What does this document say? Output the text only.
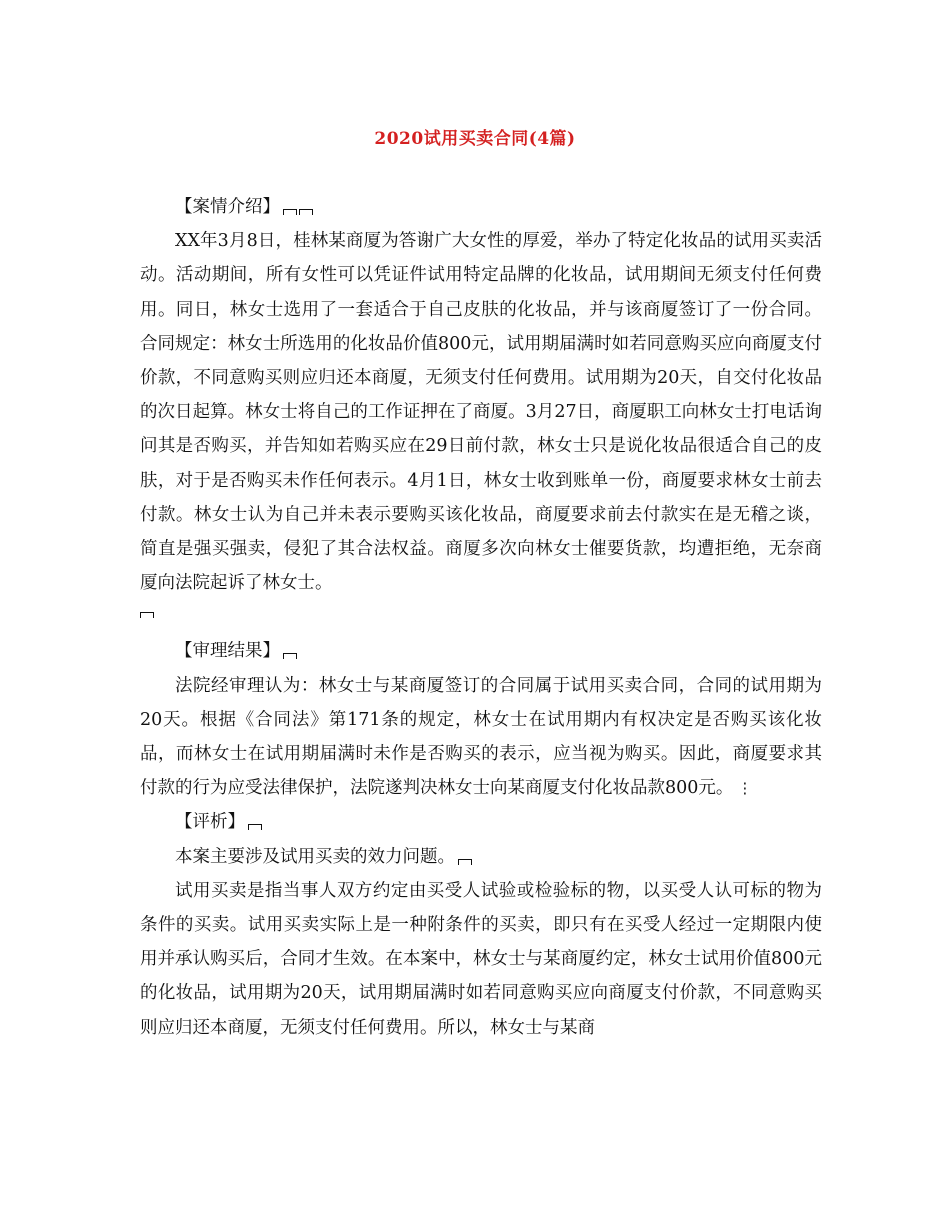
2020试用买卖合同(4篇)

【案情介绍】

XX年3月8日，桂林某商厦为答谢广大女性的厚爱，举办了特定化妆品的试用买卖活动。活动期间，所有女性可以凭证件试用特定品牌的化妆品，试用期间无须支付任何费用。同日，林女士选用了一套适合于自己皮肤的化妆品，并与该商厦签订了一份合同。合同规定：林女士所选用的化妆品价值800元，试用期届满时如若同意购买应向商厦支付价款，不同意购买则应归还本商厦，无须支付任何费用。试用期为20天，自交付化妆品的次日起算。林女士将自己的工作证押在了商厦。3月27日，商厦职工向林女士打电话询问其是否购买，并告知如若购买应在29日前付款，林女士只是说化妆品很适合自己的皮肤，对于是否购买未作任何表示。4月1日，林女士收到账单一份，商厦要求林女士前去付款。林女士认为自己并未表示要购买该化妆品，商厦要求前去付款实在是无稽之谈，简直是强买强卖，侵犯了其合法权益。商厦多次向林女士催要货款，均遭拒绝，无奈商厦向法院起诉了林女士。

【审理结果】

法院经审理认为：林女士与某商厦签订的合同属于试用买卖合同，合同的试用期为20天。根据《合同法》第171条的规定，林女士在试用期内有权决定是否购买该化妆品，而林女士在试用期届满时未作是否购买的表示，应当视为购买。因此，商厦要求其付款的行为应受法律保护，法院遂判决林女士向某商厦支付化妆品款800元。 ⋮

【评析】

本案主要涉及试用买卖的效力问题。

试用买卖是指当事人双方约定由买受人试验或检验标的物，以买受人认可标的物为条件的买卖。试用买卖实际上是一种附条件的买卖，即只有在买受人经过一定期限内使用并承认购买后，合同才生效。在本案中，林女士与某商厦约定，林女士试用价值800元的化妆品，试用期为20天，试用期届满时如若同意购买应向商厦支付价款，不同意购买则应归还本商厦，无须支付任何费用。所以，林女士与某商
